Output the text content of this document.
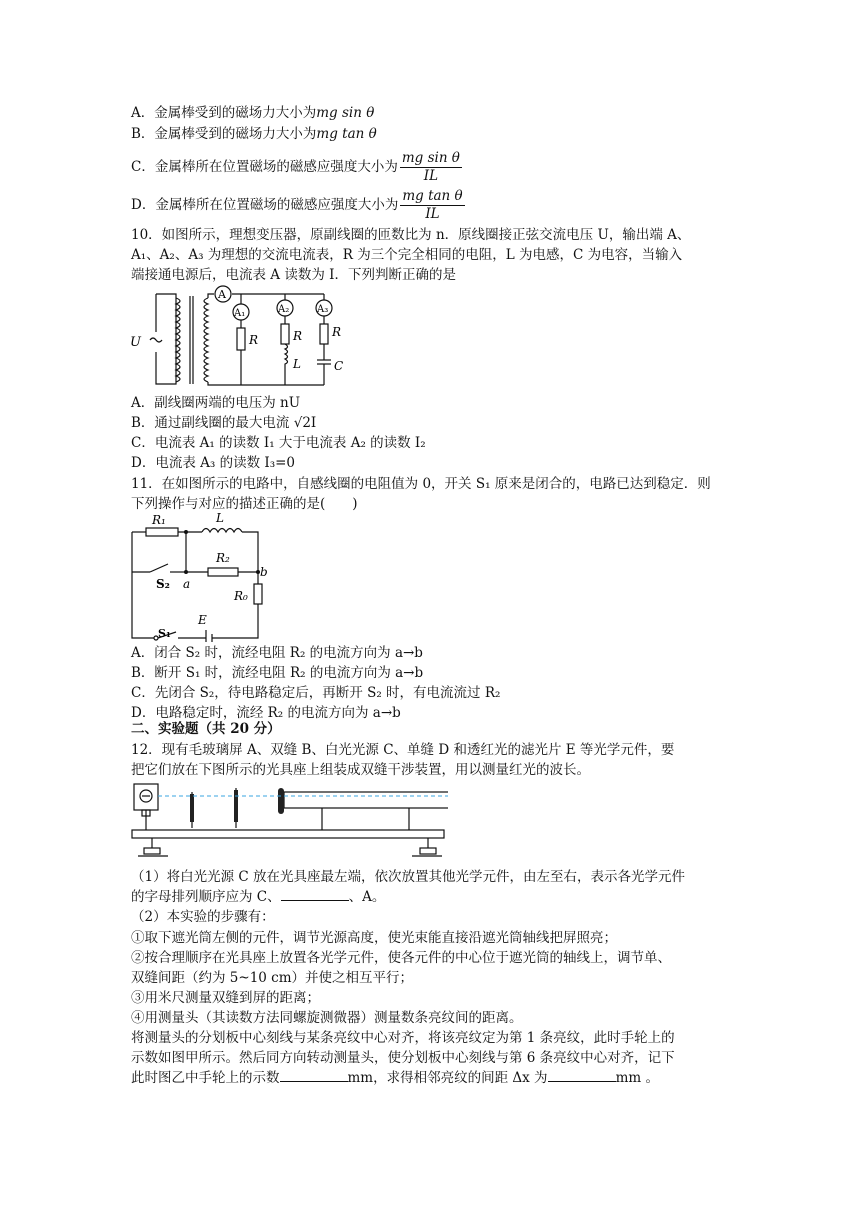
A．金属棒受到的磁场力大小为mg sin θ
B．金属棒受到的磁场力大小为mg tan θ
C．金属棒所在位置磁场的磁感应强度大小为 $\frac{\text{mg sin θ}}{IL}$
D．金属棒所在位置磁场的磁感应强度大小为 $\frac{\text{mg tan θ}}{IL}$
10．如图所示，理想变压器，原副线圈的匝数比为 n．原线圈接正弦交流电压 U，输出端 A、
A₁、A₂、A₃ 为理想的交流电流表，R 为三个完全相同的电阻，L 为电感，C 为电容，当输入
端接通电源后，电流表 A 读数为 I．下列判断正确的是
U
A
A₁	A₂	A₃
R	R R
L	C
A．副线圈两端的电压为 nU
B．通过副线圈的最大电流 √2I
C．电流表 A₁ 的读数 I₁ 大于电流表 A₂ 的读数 I₂
D．电流表 A₃ 的读数 I₃=0
11．在如图所示的电路中，自感线圈的电阻值为 0，开关 S₁ 原来是闭合的，电路已达到稳定．则
下列操作与对应的描述正确的是(　　)
R₁	L
R₂
S₂ a
b
R₀
E
S₁
A．闭合 S₂ 时，流经电阻 R₂ 的电流方向为 a→b
B．断开 S₁ 时，流经电阻 R₂ 的电流方向为 a→b
C．先闭合 S₂，待电路稳定后，再断开 S₂ 时，有电流流过 R₂
D．电路稳定时，流经 R₂ 的电流方向为 a→b
二、实验题（共 20 分）
12．现有毛玻璃屏 A、双缝 B、白光光源 C、单缝 D 和透红光的滤光片 E 等光学元件，要
把它们放在下图所示的光具座上组装成双缝干涉装置，用以测量红光的波长。
（1）将白光光源 C 放在光具座最左端，依次放置其他光学元件，由左至右，表示各光学元件
的字母排列顺序应为 C、	、A。
（2）本实验的步骤有：
①取下遮光筒左侧的元件，调节光源高度，使光束能直接沿遮光筒轴线把屏照亮；
②按合理顺序在光具座上放置各光学元件，使各元件的中心位于遮光筒的轴线上，调节单、
双缝间距（约为 5~10 cm）并使之相互平行；
③用米尺测量双缝到屏的距离；
④用测量头（其读数方法同螺旋测微器）测量数条亮纹间的距离。
将测量头的分划板中心刻线与某条亮纹中心对齐，将该亮纹定为第 1 条亮纹，此时手轮上的
示数如图甲所示。然后同方向转动测量头，使分划板中心刻线与第 6 条亮纹中心对齐，记下
此时图乙中手轮上的示数	mm，求得相邻亮纹的间距 Δx 为	mm 。
